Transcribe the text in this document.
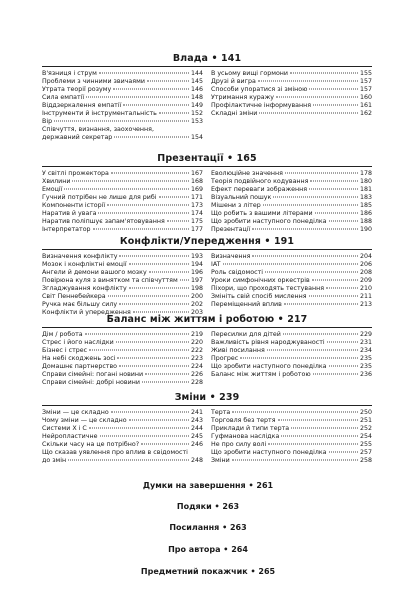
Влада • 141
В'язниця і струм	144
Проблеми з чинними звичаями	145
Утрата теорії розуму	146
Сила емпатії	148
Віддзеркалення емпатії	149
Інструменти й інструментальність	152
Вір	153
Співчуття, визнання, заохочення,
державний секретар	154
В усьому вищі гормони	155
Друзі й вигра	157
Способи упоратися зі зміною	157
Утримання куражу	160
Профілактичне інформування	161
Складні зміни	162
Презентації • 165
У світлі прожектора	167
Хвилини	168
Емоції	169
Гучний потрібен не лише для рибі	171
Компоненти історії	173
Наратив й увага	174
Наратив поліпшує запам'ятовування	175
Інтерпретатор	177
Еволюційне значення	178
Теорія подвійного кодування	180
Ефект переваги зображення	181
Візуальний пошук	183
Мішени з літер	185
Що робить з вашими літерами	186
Що зробити наступного понеділка	188
Презентації	190
Конфлікти/Упередження • 191
Визначення конфлікту	193
Мозок і конфліктні емоції	194
Ангели й демони вашого мозку	196
Повірюна куля з винятком та співчуттям 197
Згладжування конфлікту	198
Світ Пеннебейкера	200
Ручка має більшу силу	202
Конфлікти й упередження	203
Визначення	204
IAT	206
Роль свідомості	208
Уроки симфонічних оркестрів	209
Піхори, що проходять тестування	210
Змініть свій спосіб мислення	211
Переміщенний вплив	213
Баланс між життям і роботою • 217
Дім / робота	219
Стрес і його наслідки	220
Бізнес і стрес	222
На небі скоджень зосі	223
Домашнє партнерство	224
Справи сімейні: погані новини	226
Справи сімейні: добрі новини	228
Пересилки для дітей	229
Важливість рівня народжуваності	231
Живі посилання	234
Прогрес	235
Що зробити наступного понеділка	235
Баланс між життям і роботою	236
Зміни • 239
Зміни — це складно	241
Чому зміни — це складно	243
Системи X і C	244
Нейропластичне	245
Скільки часу на це потрібно?	246
Що сказав уявлення про вплив в свідомості
до змін	248
Терта	250
Торговля без тертя	251
Приклади й типи терта	252
Гуфманова наслідка	254
Не про силу волі	255
Що зробити наступного понеділка	257
Зміни	258
Думки на завершення • 261
Подяки • 263
Посилання • 263
Про автора • 264
Предметний покажчик • 265
